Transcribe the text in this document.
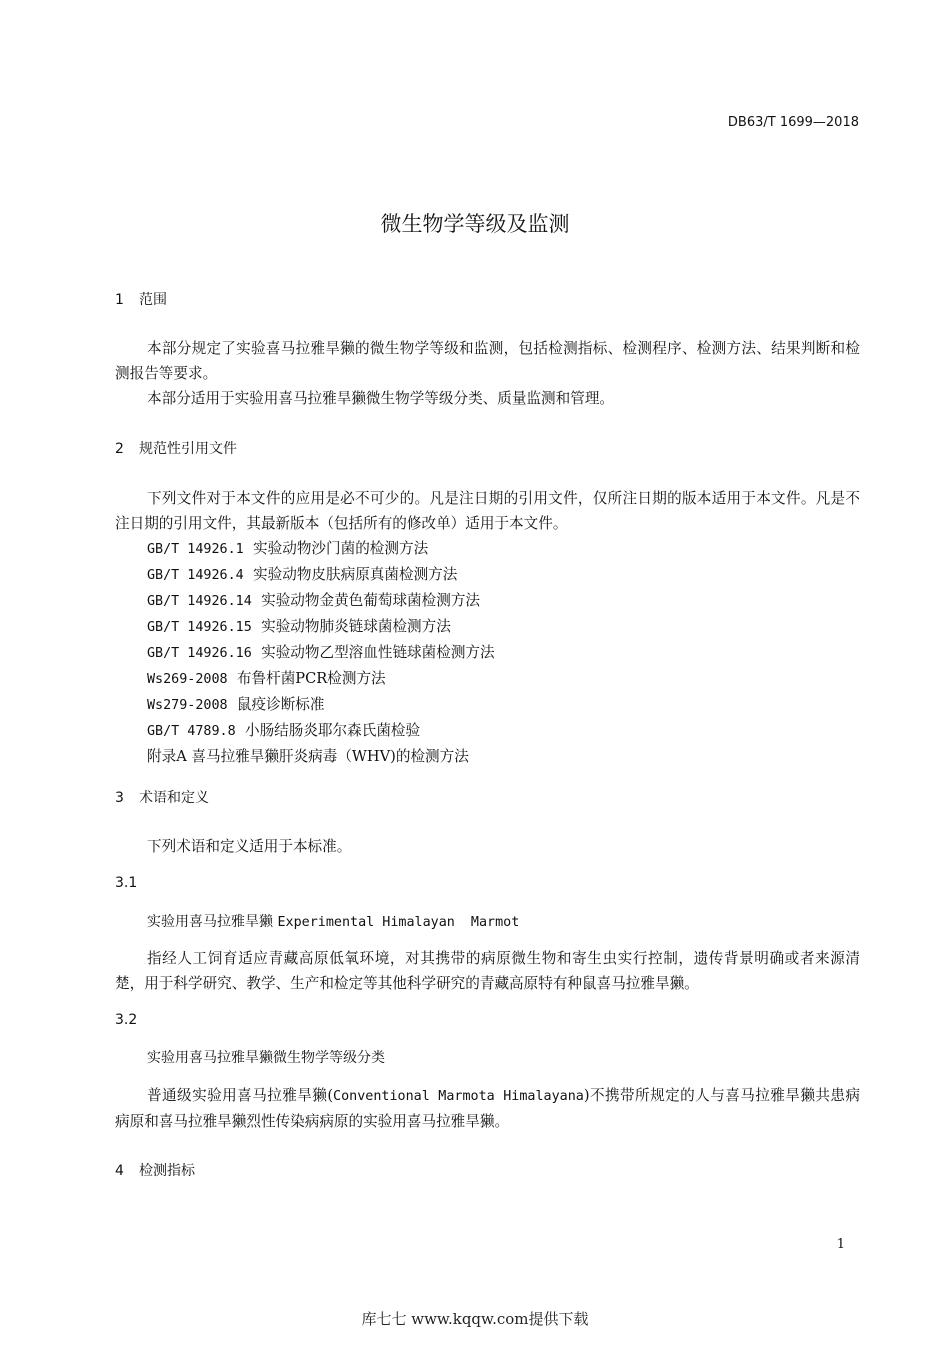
DB63/T 1699—2018
微生物学等级及监测
1 范围
本部分规定了实验喜马拉雅旱獭的微生物学等级和监测，包括检测指标、检测程序、检测方法、结果判断和检测报告等要求。
本部分适用于实验用喜马拉雅旱獭微生物学等级分类、质量监测和管理。
2 规范性引用文件
下列文件对于本文件的应用是必不可少的。凡是注日期的引用文件，仅所注日期的版本适用于本文件。凡是不注日期的引用文件，其最新版本（包括所有的修改单）适用于本文件。
GB/T 14926.1 实验动物沙门菌的检测方法
GB/T 14926.4 实验动物皮肤病原真菌检测方法
GB/T 14926.14 实验动物金黄色葡萄球菌检测方法
GB/T 14926.15 实验动物肺炎链球菌检测方法
GB/T 14926.16 实验动物乙型溶血性链球菌检测方法
Ws269-2008 布鲁杆菌PCR检测方法
Ws279-2008 鼠疫诊断标准
GB/T 4789.8 小肠结肠炎耶尔森氏菌检验
附录A 喜马拉雅旱獭肝炎病毒（WHV)的检测方法
3 术语和定义
下列术语和定义适用于本标准。
3.1
实验用喜马拉雅旱獭 Experimental Himalayan  Marmot
指经人工饲育适应青藏高原低氧环境，对其携带的病原微生物和寄生虫实行控制，遗传背景明确或者来源清楚，用于科学研究、教学、生产和检定等其他科学研究的青藏高原特有种鼠喜马拉雅旱獭。
3.2
实验用喜马拉雅旱獭微生物学等级分类
普通级实验用喜马拉雅旱獭(Conventional Marmota Himalayana)不携带所规定的人与喜马拉雅旱獭共患病病原和喜马拉雅旱獭烈性传染病病原的实验用喜马拉雅旱獭。
4 检测指标
1
库七七 www.kqqw.com提供下载
